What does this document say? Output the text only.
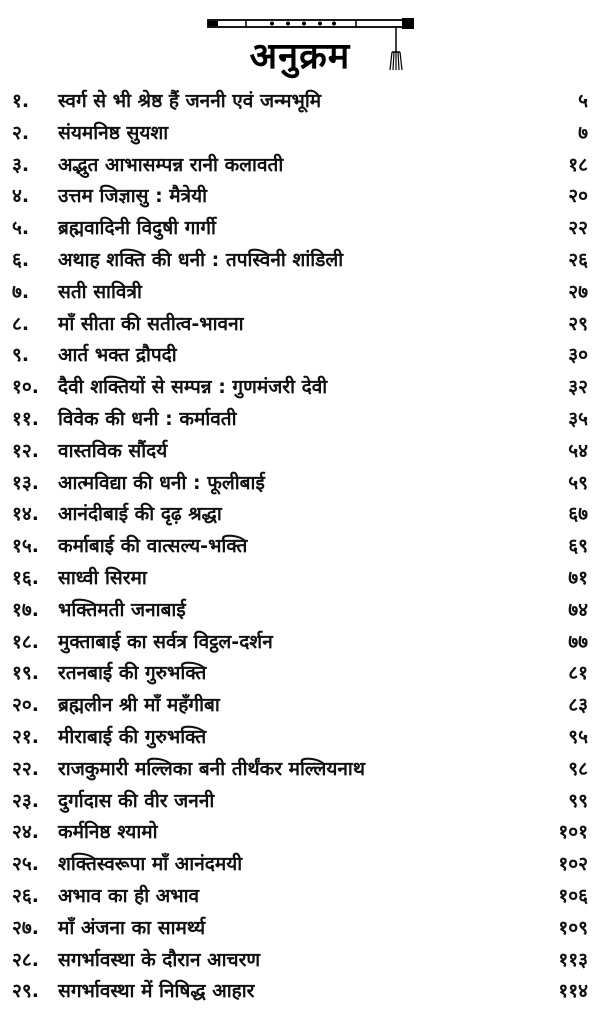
अनुक्रम
१. स्वर्ग से भी श्रेष्ठ हैं जननी एवं जन्मभूमि	५
२. संयमनिष्ठ सुयशा	७
३. अद्भुत आभासम्पन्न रानी कलावती	१८
४. उत्तम जिज्ञासु : मैत्रेयी	२०
५. ब्रह्मवादिनी विदुषी गार्गी	२२
६. अथाह शक्ति की धनी : तपस्विनी शांडिली	२६
७. सती सावित्री	२७
८. माँ सीता की सतीत्व-भावना	२९
९. आर्त भक्त द्रौपदी	३०
१०. दैवी शक्तियों से सम्पन्न : गुणमंजरी देवी	३२
११. विवेक की धनी : कर्मावती	३५
१२. वास्तविक सौंदर्य	५४
१३. आत्मविद्या की धनी : फूलीबाई	५९
१४. आनंदीबाई की दृढ़ श्रद्धा	६७
१५. कर्माबाई की वात्सल्य-भक्ति	६९
१६. साध्वी सिरमा	७१
१७. भक्तिमती जनाबाई	७४
१८. मुक्ताबाई का सर्वत्र विट्ठल-दर्शन	७७
१९. रतनबाई की गुरुभक्ति	८१
२०. ब्रह्मलीन श्री माँ महँगीबा	८३
२१. मीराबाई की गुरुभक्ति	९५
२२. राजकुमारी मल्लिका बनी तीर्थंकर मल्लियनाथ	९८
२३. दुर्गादास की वीर जननी	९९
२४. कर्मनिष्ठ श्यामो	१०१
२५. शक्तिस्वरूपा माँ आनंदमयी	१०२
२६. अभाव का ही अभाव	१०६
२७. माँ अंजना का सामर्थ्य	१०९
२८. सगर्भावस्था के दौरान आचरण	११३
२९. सगर्भावस्था में निषिद्ध आहार	११४
